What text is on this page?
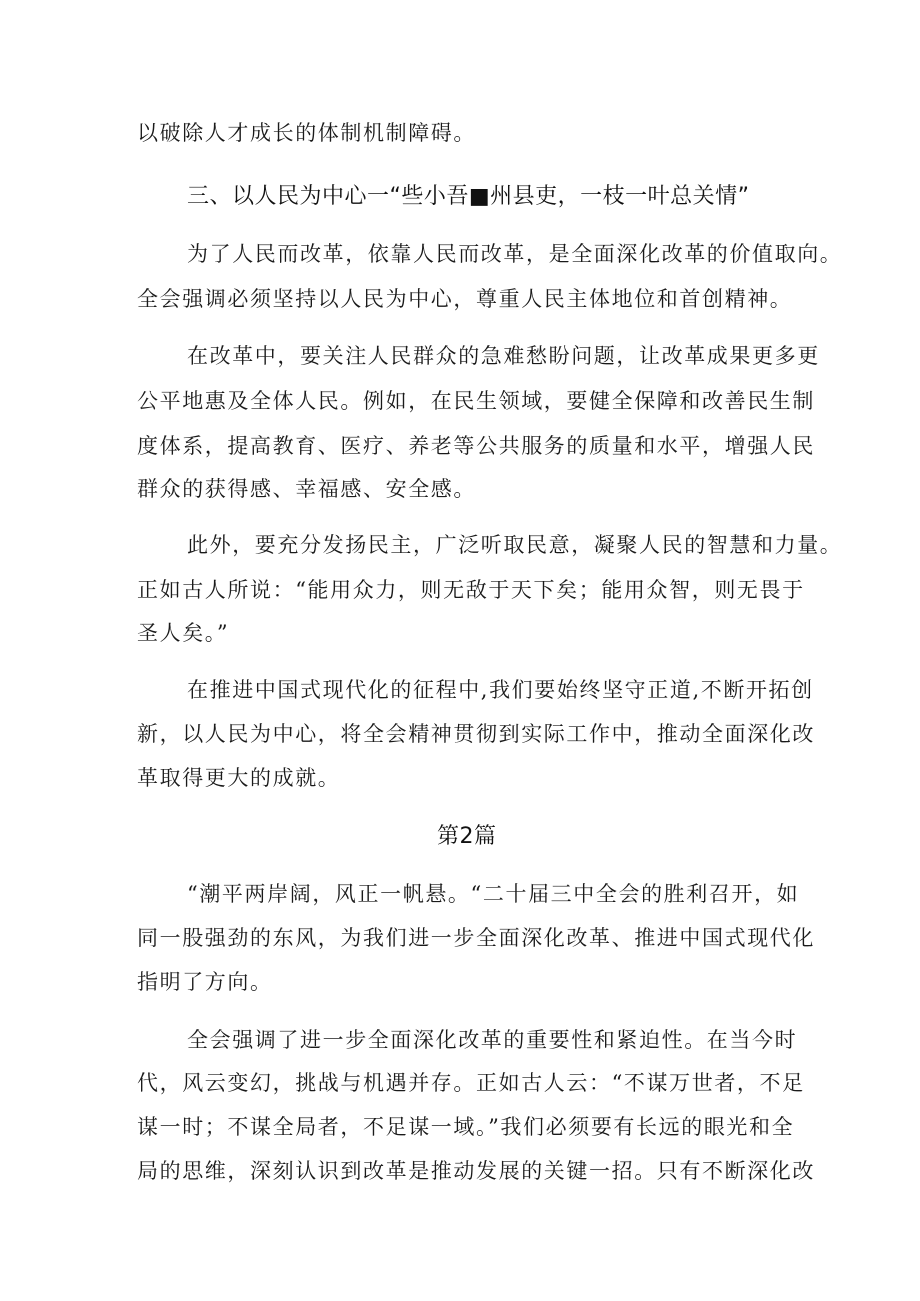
以破除人才成长的体制机制障碍。
三、以人民为中心一“些小吾■州县吏，一枝一叶总关情”
为了人民而改革，依靠人民而改革，是全面深化改革的价值取向。
全会强调必须坚持以人民为中心，尊重人民主体地位和首创精神。
在改革中，要关注人民群众的急难愁盼问题，让改革成果更多更
公平地惠及全体人民。例如，在民生领域，要健全保障和改善民生制
度体系，提高教育、医疗、养老等公共服务的质量和水平，增强人民
群众的获得感、幸福感、安全感。
此外，要充分发扬民主，广泛听取民意，凝聚人民的智慧和力量。
正如古人所说：“能用众力，则无敌于天下矣；能用众智，则无畏于
圣人矣。”
在推进中国式现代化的征程中,我们要始终坚守正道,不断开拓创
新，以人民为中心，将全会精神贯彻到实际工作中，推动全面深化改
革取得更大的成就。
第2篇
“潮平两岸阔，风正一帆悬。“二十届三中全会的胜利召开，如
同一股强劲的东风，为我们进一步全面深化改革、推进中国式现代化
指明了方向。
全会强调了进一步全面深化改革的重要性和紧迫性。在当今时
代，风云变幻，挑战与机遇并存。正如古人云：“不谋万世者，不足
谋一时；不谋全局者，不足谋一域。”我们必须要有长远的眼光和全
局的思维，深刻认识到改革是推动发展的关键一招。只有不断深化改
